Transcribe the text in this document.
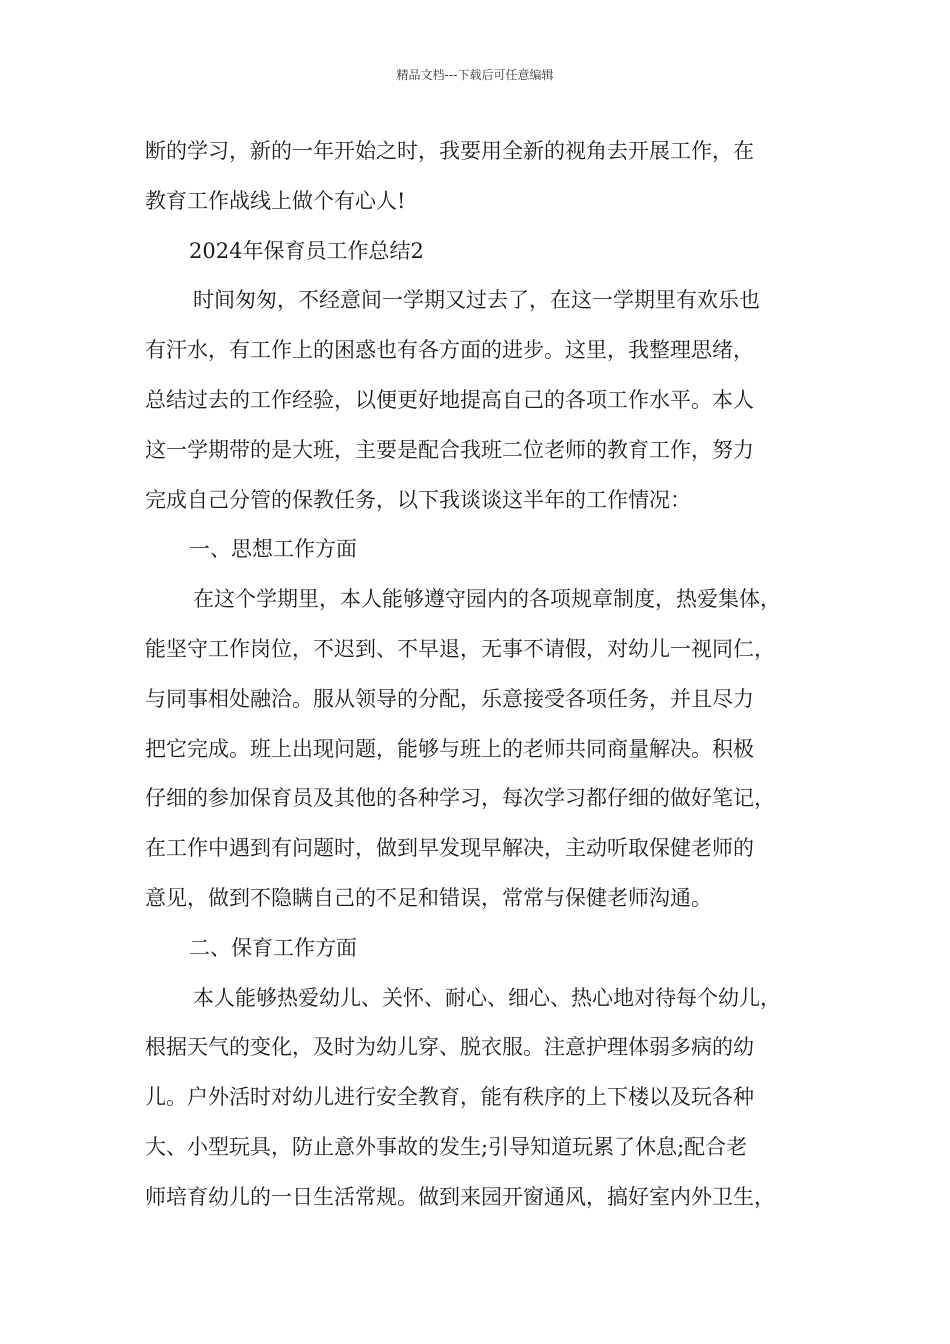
精品文档---下载后可任意编辑
断的学习，新的一年开始之时，我要用全新的视角去开展工作，在
教育工作战线上做个有心人!
2024年保育员工作总结2
时间匆匆，不经意间一学期又过去了，在这一学期里有欢乐也
有汗水，有工作上的困惑也有各方面的进步。这里，我整理思绪，
总结过去的工作经验，以便更好地提高自己的各项工作水平。本人
这一学期带的是大班，主要是配合我班二位老师的教育工作，努力
完成自己分管的保教任务，以下我谈谈这半年的工作情况：
一、思想工作方面
在这个学期里，本人能够遵守园内的各项规章制度，热爱集体，
能坚守工作岗位，不迟到、不早退，无事不请假，对幼儿一视同仁，
与同事相处融洽。服从领导的分配，乐意接受各项任务，并且尽力
把它完成。班上出现问题，能够与班上的老师共同商量解决。积极
仔细的参加保育员及其他的各种学习，每次学习都仔细的做好笔记，
在工作中遇到有问题时，做到早发现早解决，主动听取保健老师的
意见，做到不隐瞒自己的不足和错误，常常与保健老师沟通。
二、保育工作方面
本人能够热爱幼儿、关怀、耐心、细心、热心地对待每个幼儿，
根据天气的变化，及时为幼儿穿、脱衣服。注意护理体弱多病的幼
儿。户外活时对幼儿进行安全教育，能有秩序的上下楼以及玩各种
大、小型玩具，防止意外事故的发生;引导知道玩累了休息;配合老
师培育幼儿的一日生活常规。做到来园开窗通风，搞好室内外卫生，
